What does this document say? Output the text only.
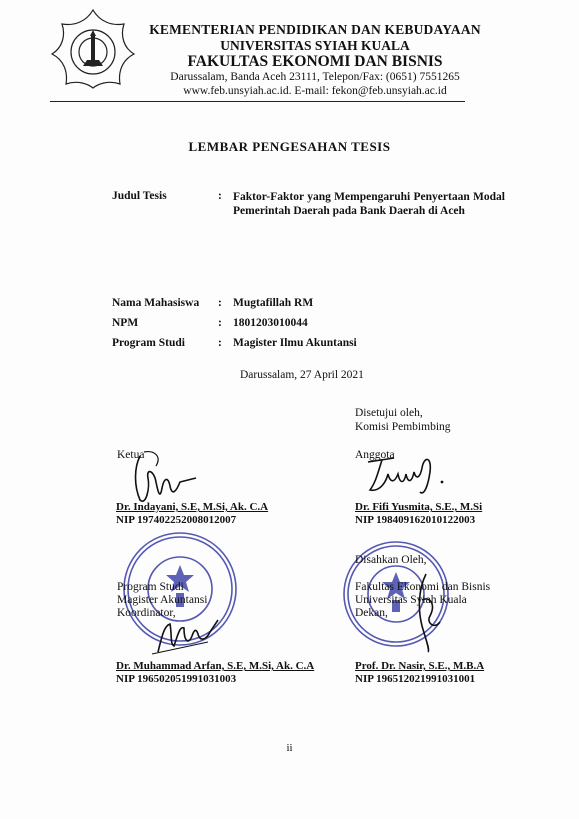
KEMENTERIAN PENDIDIKAN DAN KEBUDAYAAN
UNIVERSITAS SYIAH KUALA
FAKULTAS EKONOMI DAN BISNIS
Darussalam, Banda Aceh 23111, Telepon/Fax: (0651) 7551265
www.feb.unsyiah.ac.id. E-mail: fekon@feb.unsyiah.ac.id
LEMBAR PENGESAHAN TESIS
Judul Tesis	: Faktor-Faktor yang Mempengaruhi Penyertaan Modal Pemerintah Daerah pada Bank Daerah di Aceh
Nama Mahasiswa : Mugtafillah RM
NPM	: 1801203010044
Program Studi	: Magister Ilmu Akuntansi
Darussalam, 27 April 2021
Disetujui oleh,
Komisi Pembimbing
Ketua
Dr. Indayani, S.E, M.Si, Ak. C.A
NIP 197402252008012007
Anggota
Dr. Fifi Yusmita, S.E., M.Si
NIP 198409162010122003
Program Studi
Magister Akuntansi
Koordinator,
Dr. Muhammad Arfan, S.E, M.Si, Ak. C.A
NIP 196502051991031003
Disahkan Oleh,
Fakultas Ekonomi dan Bisnis
Universitas Syiah Kuala
Dekan,
Prof. Dr. Nasir, S.E., M.B.A
NIP 196512021991031001
ii
